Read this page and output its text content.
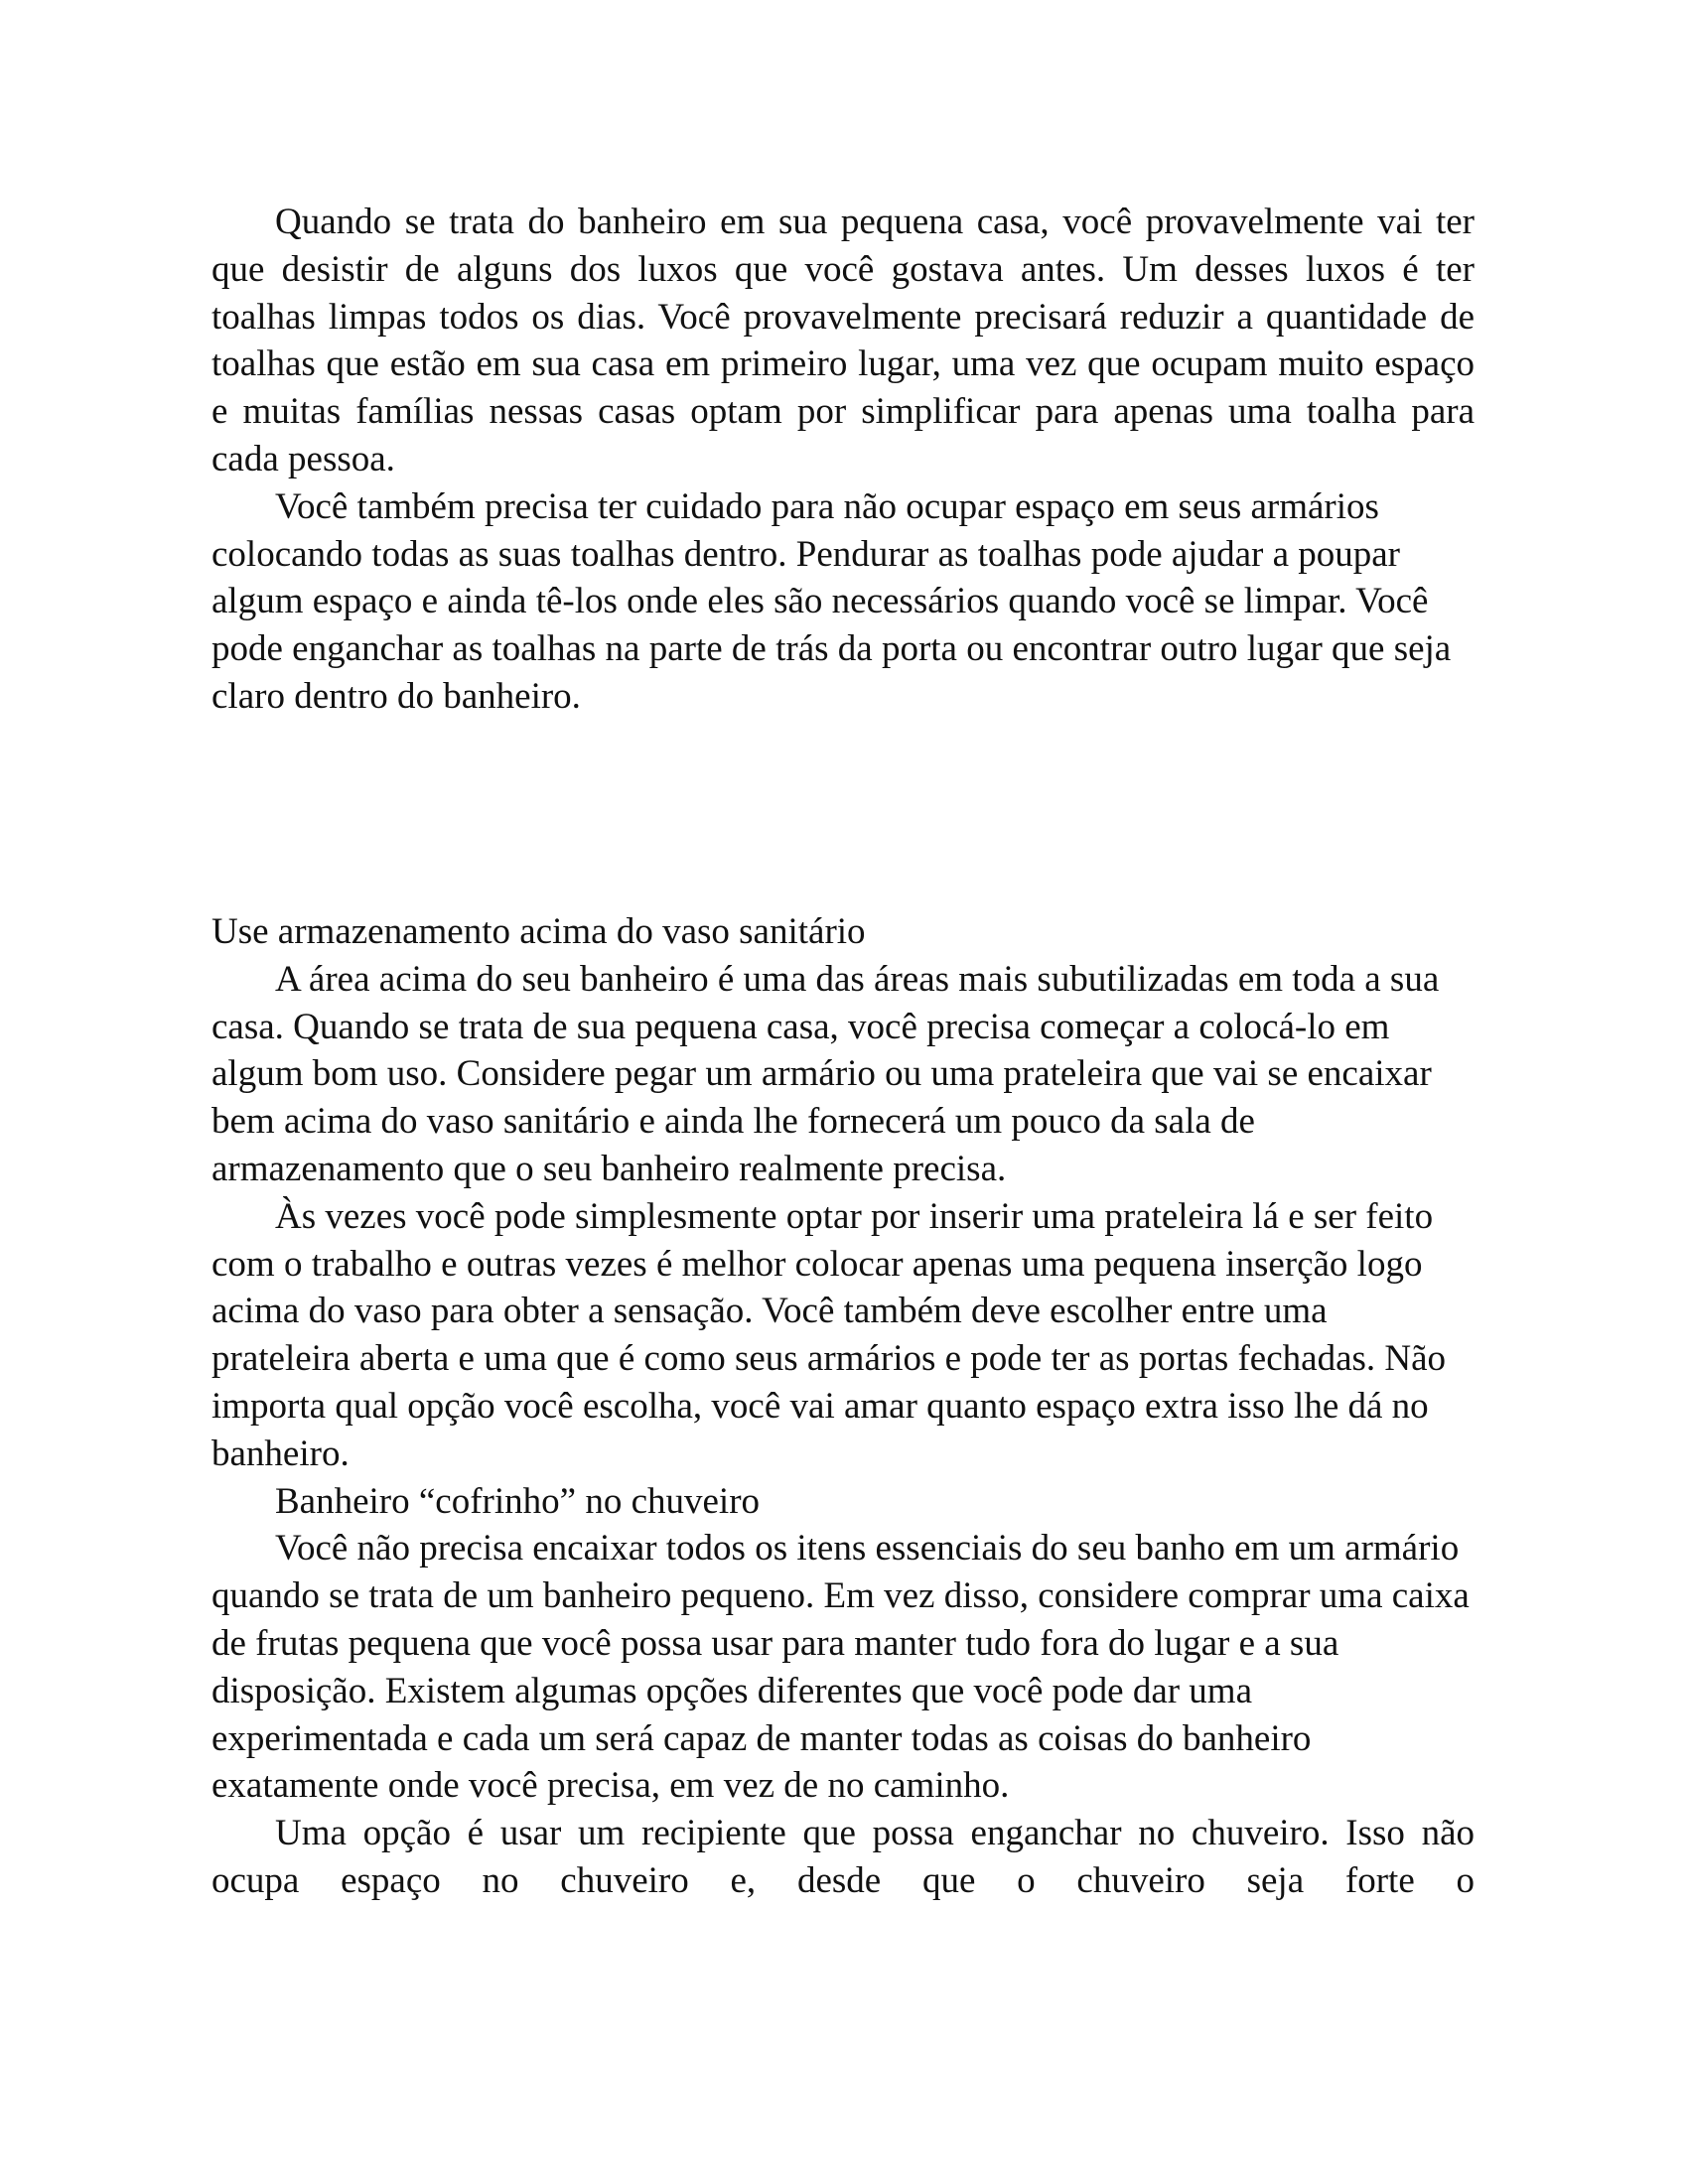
Quando se trata do banheiro em sua pequena casa, você provavelmente vai ter que desistir de alguns dos luxos que você gostava antes. Um desses luxos é ter toalhas limpas todos os dias. Você provavelmente precisará reduzir a quantidade de toalhas que estão em sua casa em primeiro lugar, uma vez que ocupam muito espaço e muitas famílias nessas casas optam por simplificar para apenas uma toalha para cada pessoa.

Você também precisa ter cuidado para não ocupar espaço em seus armários colocando todas as suas toalhas dentro. Pendurar as toalhas pode ajudar a poupar algum espaço e ainda tê-los onde eles são necessários quando você se limpar. Você pode enganchar as toalhas na parte de trás da porta ou encontrar outro lugar que seja claro dentro do banheiro.

Use armazenamento acima do vaso sanitário

A área acima do seu banheiro é uma das áreas mais subutilizadas em toda a sua casa. Quando se trata de sua pequena casa, você precisa começar a colocá-lo em algum bom uso. Considere pegar um armário ou uma prateleira que vai se encaixar bem acima do vaso sanitário e ainda lhe fornecerá um pouco da sala de armazenamento que o seu banheiro realmente precisa.

Às vezes você pode simplesmente optar por inserir uma prateleira lá e ser feito com o trabalho e outras vezes é melhor colocar apenas uma pequena inserção logo acima do vaso para obter a sensação. Você também deve escolher entre uma prateleira aberta e uma que é como seus armários e pode ter as portas fechadas. Não importa qual opção você escolha, você vai amar quanto espaço extra isso lhe dá no banheiro.

Banheiro “cofrinho” no chuveiro

Você não precisa encaixar todos os itens essenciais do seu banho em um armário quando se trata de um banheiro pequeno. Em vez disso, considere comprar uma caixa de frutas pequena que você possa usar para manter tudo fora do lugar e a sua disposição. Existem algumas opções diferentes que você pode dar uma experimentada e cada um será capaz de manter todas as coisas do banheiro exatamente onde você precisa, em vez de no caminho.

Uma opção é usar um recipiente que possa enganchar no chuveiro. Isso não ocupa espaço no chuveiro e, desde que o chuveiro seja forte o
